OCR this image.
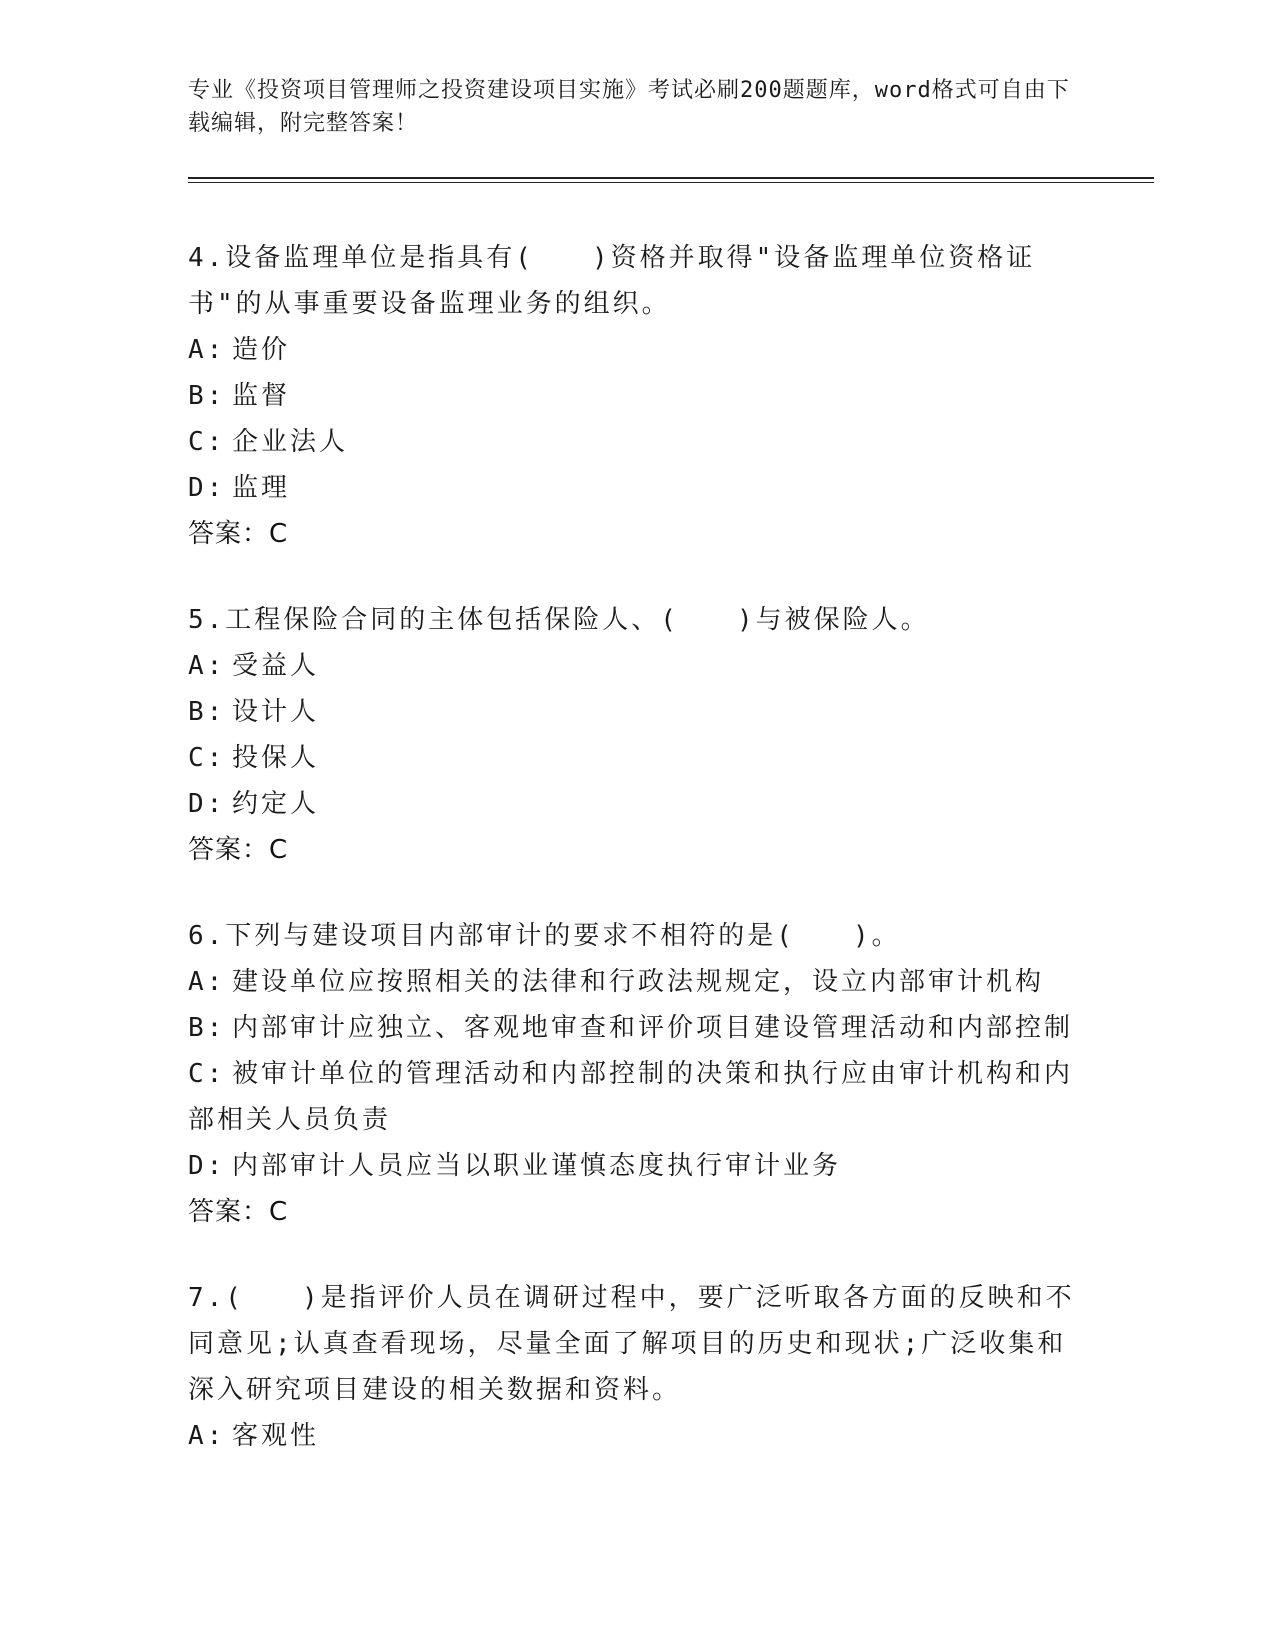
专业《投资项目管理师之投资建设项目实施》考试必刷200题题库，word格式可自由下载编辑，附完整答案！

4.设备监理单位是指具有(　　)资格并取得"设备监理单位资格证书"的从事重要设备监理业务的组织。

A: 造价

B: 监督

C: 企业法人

D: 监理

答案：C

5.工程保险合同的主体包括保险人、(　　)与被保险人。

A: 受益人

B: 设计人

C: 投保人

D: 约定人

答案：C

6.下列与建设项目内部审计的要求不相符的是(　　)。

A: 建设单位应按照相关的法律和行政法规规定，设立内部审计机构

B: 内部审计应独立、客观地审查和评价项目建设管理活动和内部控制

C: 被审计单位的管理活动和内部控制的决策和执行应由审计机构和内部相关人员负责

D: 内部审计人员应当以职业谨慎态度执行审计业务

答案：C

7.(　　)是指评价人员在调研过程中，要广泛听取各方面的反映和不同意见;认真查看现场，尽量全面了解项目的历史和现状;广泛收集和深入研究项目建设的相关数据和资料。

A: 客观性
